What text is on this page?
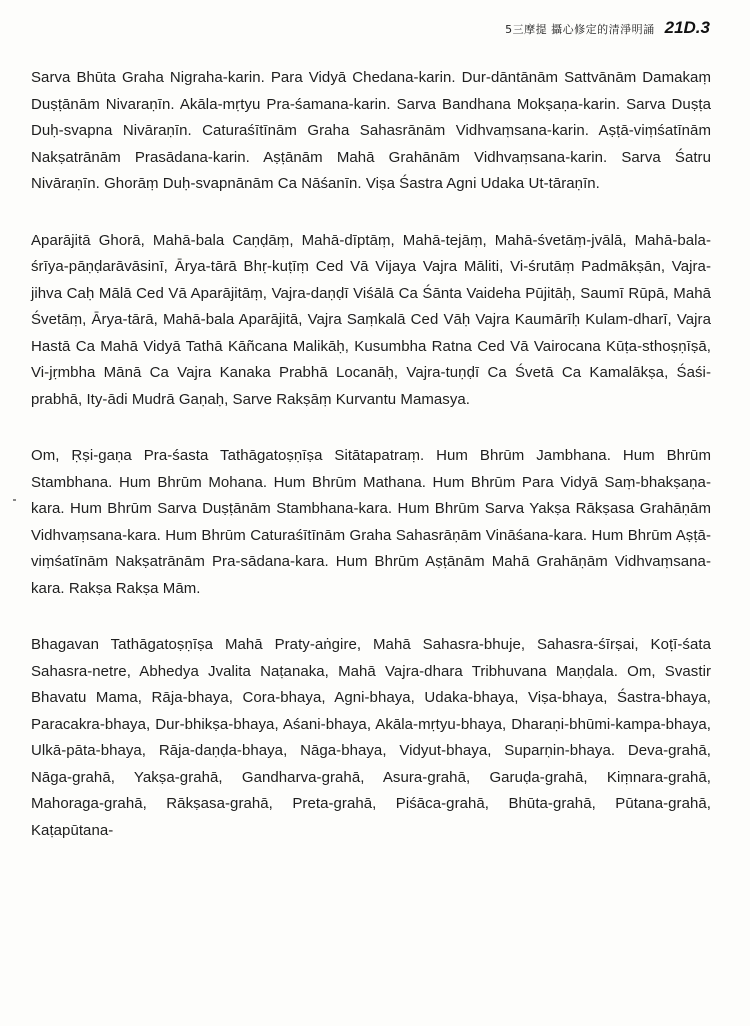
5三摩提 攝心修定的清淨明誦 21D.3

Sarva Bhūta Graha Nigraha-karin. Para Vidyā Chedana-karin. Dur-dāntānām Sattvānām Damakaṃ Duṣṭānām Nivaraṇīn. Akāla-mṛtyu Pra-śamana-karin. Sarva Bandhana Mokṣaṇa-karin. Sarva Duṣṭa Duḥ-svapna Nivāraṇīn. Caturaśītīnām Graha Sahasrānām Vidhvaṃsana-karin. Aṣṭā-viṃśatīnām Nakṣatrānām Prasādana-karin. Aṣṭānām Mahā Grahānām Vidhvaṃsana-karin. Sarva Śatru Nivāraṇīn. Ghorāṃ Duḥ-svapnānām Ca Nāśanīn. Viṣa Śastra Agni Udaka Ut-tāraṇīn.

Aparājitā Ghorā, Mahā-bala Caṇḍāṃ, Mahā-dīptāṃ, Mahā-tejāṃ, Mahā-śvetāṃ-jvālā, Mahā-bala-śrīya-pāṇḍarāvāsinī, Ārya-tārā Bhṛ-kuṭīṃ Ced Vā Vijaya Vajra Māliti, Vi-śrutāṃ Padmākṣān, Vajra-jihva Caḥ Mālā Ced Vā Aparājitāṃ, Vajra-daṇḍī Viśālā Ca Śānta Vaideha Pūjitāḥ, Saumī Rūpā, Mahā Śvetāṃ, Ārya-tārā, Mahā-bala Aparājitā, Vajra Saṃkalā Ced Vāḥ Vajra Kaumārīḥ Kulam-dharī, Vajra Hastā Ca Mahā Vidyā Tathā Kāñcana Malikāḥ, Kusumbha Ratna Ced Vā Vairocana Kūṭa-sthoṣṇīṣā, Vi-jṛmbha Mānā Ca Vajra Kanaka Prabhā Locanāḥ, Vajra-tuṇḍī Ca Śvetā Ca Kamalākṣa, Śaśi-prabhā, Ity-ādi Mudrā Gaṇaḥ, Sarve Rakṣāṃ Kurvantu Mamasya.

Om, Ṛṣi-gaṇa Pra-śasta Tathāgatoṣṇīṣa Sitātapatraṃ. Hum Bhrūm Jambhana. Hum Bhrūm Stambhana. Hum Bhrūm Mohana. Hum Bhrūm Mathana. Hum Bhrūm Para Vidyā Saṃ-bhakṣaṇa-kara. Hum Bhrūm Sarva Duṣṭānām Stambhana-kara. Hum Bhrūm Sarva Yakṣa Rākṣasa Grahāṇām Vidhvaṃsana-kara. Hum Bhrūm Caturaśītīnām Graha Sahasrāṇām Vināśana-kara. Hum Bhrūm Aṣṭā-viṃśatīnām Nakṣatrānām Pra-sādana-kara. Hum Bhrūm Aṣṭānām Mahā Grahāṇām Vidhvaṃsana-kara. Rakṣa Rakṣa Mām.

Bhagavan Tathāgatoṣṇīṣa Mahā Praty-aṅgire, Mahā Sahasra-bhuje, Sahasra-śīrṣai, Koṭī-śata Sahasra-netre, Abhedya Jvalita Naṭanaka, Mahā Vajra-dhara Tribhuvana Maṇḍala. Om, Svastir Bhavatu Mama, Rāja-bhaya, Cora-bhaya, Agni-bhaya, Udaka-bhaya, Viṣa-bhaya, Śastra-bhaya, Paracakra-bhaya, Dur-bhikṣa-bhaya, Aśani-bhaya, Akāla-mṛtyu-bhaya, Dharaṇi-bhūmi-kampa-bhaya, Ulkā-pāta-bhaya, Rāja-daṇḍa-bhaya, Nāga-bhaya, Vidyut-bhaya, Suparṇin-bhaya. Deva-grahā, Nāga-grahā, Yakṣa-grahā, Gandharva-grahā, Asura-grahā, Garuḍa-grahā, Kiṃnara-grahā, Mahoraga-grahā, Rākṣasa-grahā, Preta-grahā, Piśāca-grahā, Bhūta-grahā, Pūtana-grahā, Kaṭapūtana-
